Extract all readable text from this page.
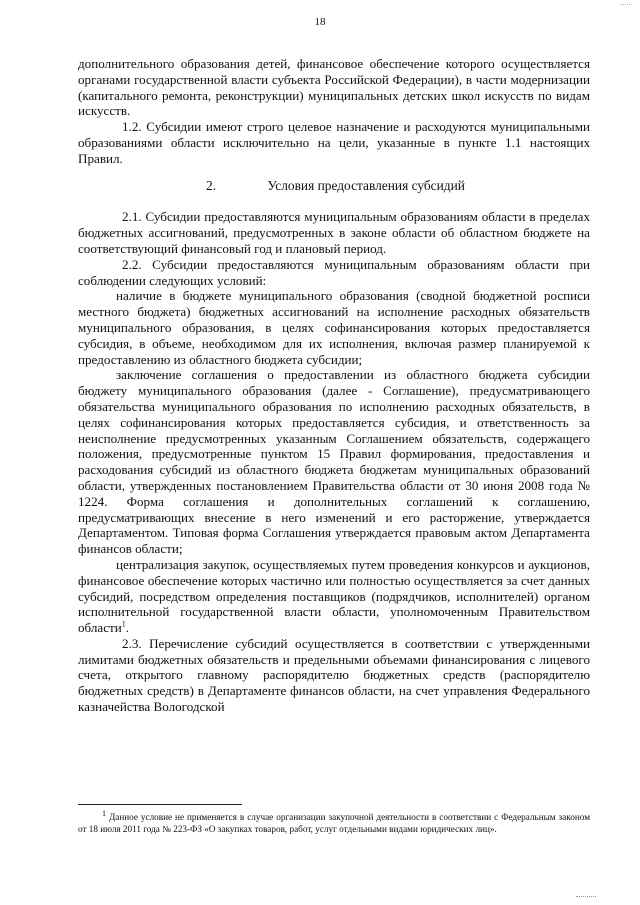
18

дополнительного образования детей, финансовое обеспечение которого осуществляется органами государственной власти субъекта Российской Федерации), в части модернизации (капитального ремонта, реконструкции) муниципальных детских школ искусств по видам искусств.

1.2. Субсидии имеют строго целевое назначение и расходуются муниципальными образованиями области исключительно на цели, указанные в пункте 1.1 настоящих Правил.

2.	Условия предоставления субсидий

2.1. Субсидии предоставляются муниципальным образованиям области в пределах бюджетных ассигнований, предусмотренных в законе области об областном бюджете на соответствующий финансовый год и плановый период.

2.2. Субсидии предоставляются муниципальным образованиям области при соблюдении следующих условий:

наличие в бюджете муниципального образования (сводной бюджетной росписи местного бюджета) бюджетных ассигнований на исполнение расходных обязательств муниципального образования, в целях софинансирования которых предоставляется субсидия, в объеме, необходимом для их исполнения, включая размер планируемой к предоставлению из областного бюджета субсидии;

заключение соглашения о предоставлении из областного бюджета субсидии бюджету муниципального образования (далее - Соглашение), предусматривающего обязательства муниципального образования по исполнению расходных обязательств, в целях софинансирования которых предоставляется субсидия, и ответственность за неисполнение предусмотренных указанным Соглашением обязательств, содержащего положения, предусмотренные пунктом 15 Правил формирования, предоставления и расходования субсидий из областного бюджета бюджетам муниципальных образований области, утвержденных постановлением Правительства области от 30 июня 2008 года № 1224. Форма соглашения и дополнительных соглашений к соглашению, предусматривающих внесение в него изменений и его расторжение, утверждается Департаментом. Типовая форма Соглашения утверждается правовым актом Департамента финансов области;

централизация закупок, осуществляемых путем проведения конкурсов и аукционов, финансовое обеспечение которых частично или полностью осуществляется за счет данных субсидий, посредством определения поставщиков (подрядчиков, исполнителей) органом исполнительной государственной власти области, уполномоченным Правительством области$^1$.

2.3. Перечисление субсидий осуществляется в соответствии с утвержденными лимитами бюджетных обязательств и предельными объемами финансирования с лицевого счета, открытого главному распорядителю бюджетных средств (распорядителю бюджетных средств) в Департаменте финансов области, на счет управления Федерального казначейства Вологодской

$^1$ Данное условие не применяется в случае организации закупочной деятельности в соответствии с Федеральным законом от 18 июля 2011 года № 223-ФЗ «О закупках товаров, работ, услуг отдельными видами юридических лиц».
